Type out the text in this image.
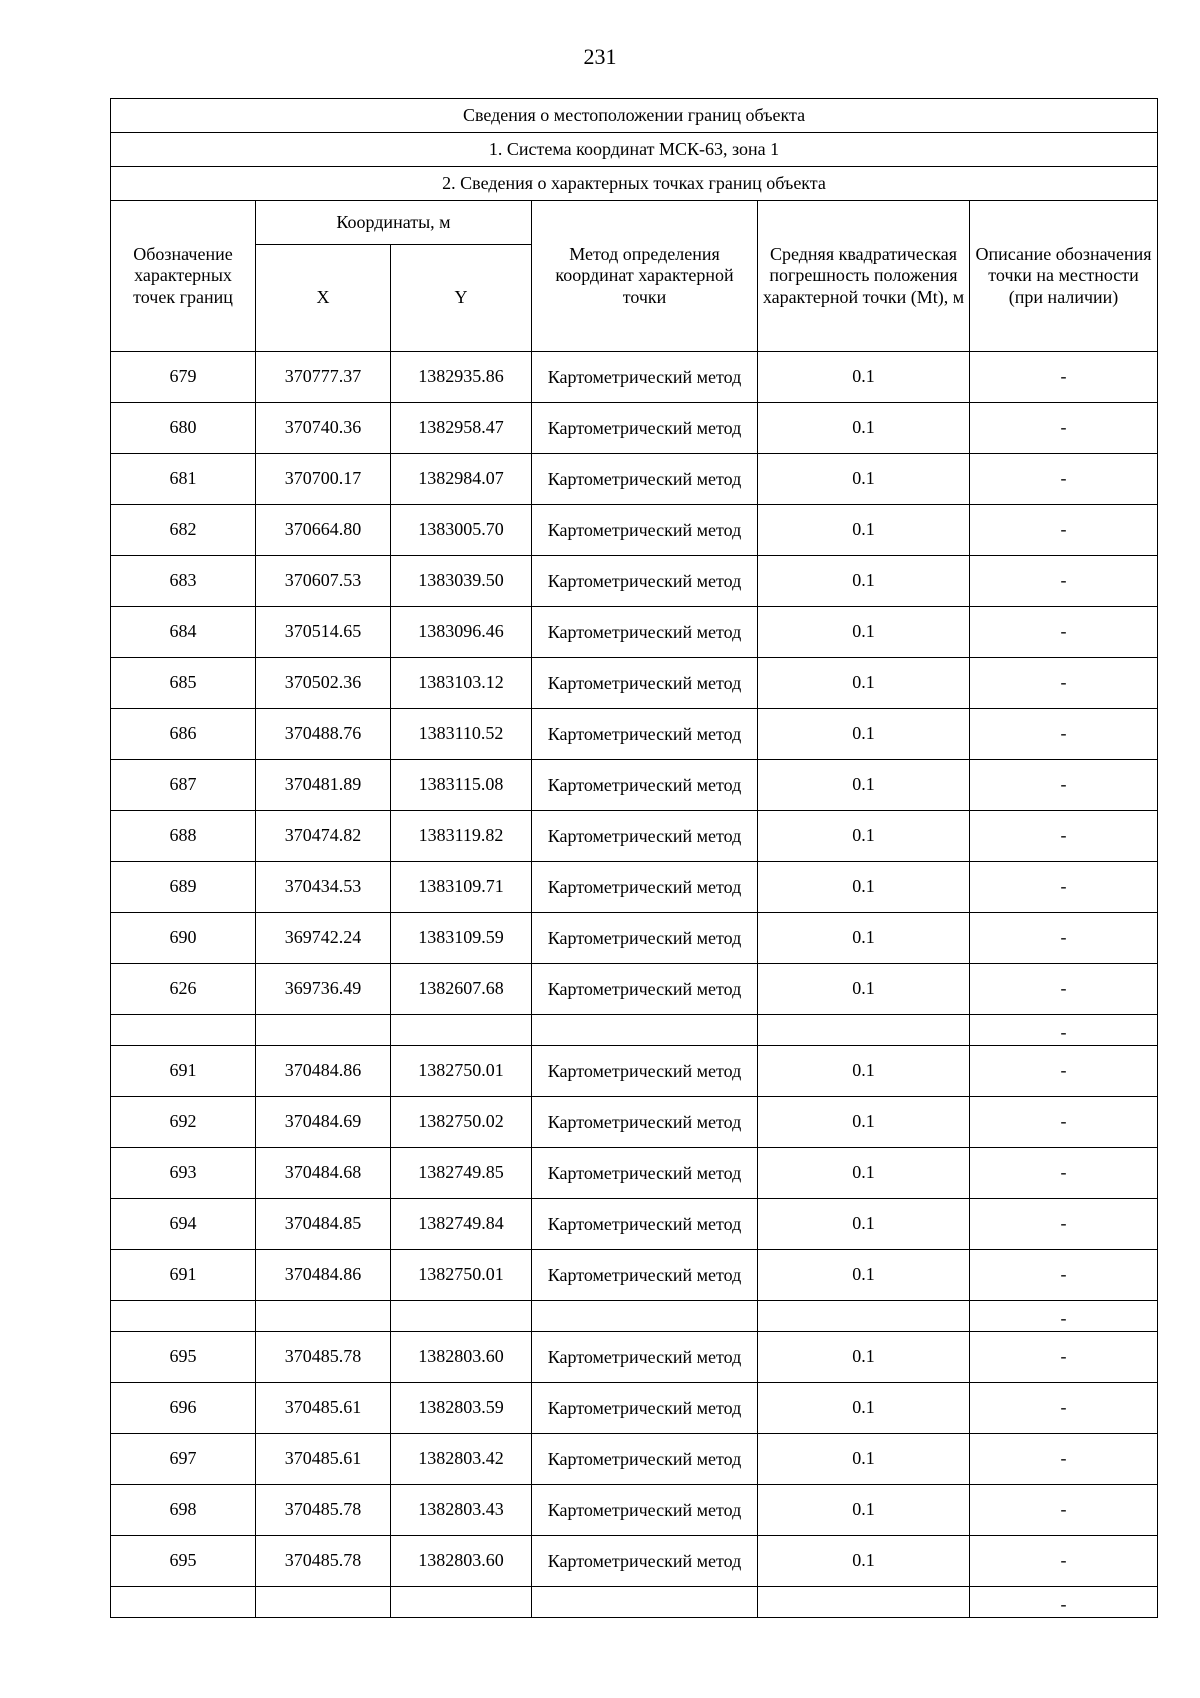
231
Сведения о местоположении границ объекта					
1. Система координат МСК-63, зона 1					
2. Сведения о характерных точках границ объекта					
Обозначение характерных точек границ	Координаты, м		Метод определения координат характерной точки	Средняя квадратическая погрешность положения характерной точки (Mt), м	Описание обозначения точки на местности (при наличии)
	X	Y			
679	370777.37	1382935.86	Картометрический метод	0.1	-
680	370740.36	1382958.47	Картометрический метод	0.1	-
681	370700.17	1382984.07	Картометрический метод	0.1	-
682	370664.80	1383005.70	Картометрический метод	0.1	-
683	370607.53	1383039.50	Картометрический метод	0.1	-
684	370514.65	1383096.46	Картометрический метод	0.1	-
685	370502.36	1383103.12	Картометрический метод	0.1	-
686	370488.76	1383110.52	Картометрический метод	0.1	-
687	370481.89	1383115.08	Картометрический метод	0.1	-
688	370474.82	1383119.82	Картометрический метод	0.1	-
689	370434.53	1383109.71	Картометрический метод	0.1	-
690	369742.24	1383109.59	Картометрический метод	0.1	-
626	369736.49	1382607.68	Картометрический метод	0.1	-
					-
691	370484.86	1382750.01	Картометрический метод	0.1	-
692	370484.69	1382750.02	Картометрический метод	0.1	-
693	370484.68	1382749.85	Картометрический метод	0.1	-
694	370484.85	1382749.84	Картометрический метод	0.1	-
691	370484.86	1382750.01	Картометрический метод	0.1	-
					-
695	370485.78	1382803.60	Картометрический метод	0.1	-
696	370485.61	1382803.59	Картометрический метод	0.1	-
697	370485.61	1382803.42	Картометрический метод	0.1	-
698	370485.78	1382803.43	Картометрический метод	0.1	-
695	370485.78	1382803.60	Картометрический метод	0.1	-
					-
